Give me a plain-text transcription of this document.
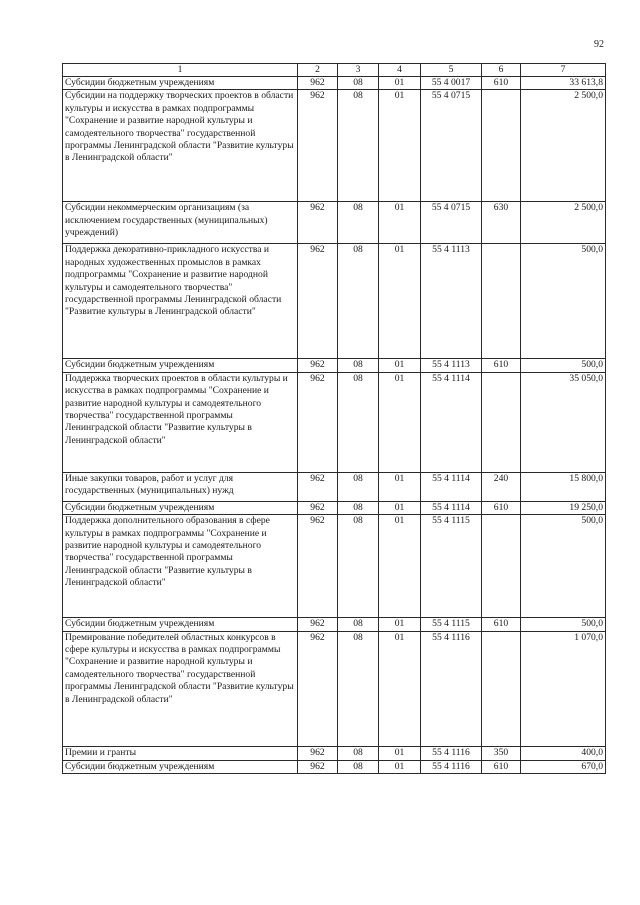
92
1	2	3	4	5	6	7
Субсидии бюджетным учреждениям	962	08	01	55 4 0017	610	33 613,8
Субсидии на поддержку творческих проектов в области культуры и искусства в рамках подпрограммы "Сохранение и развитие народной культуры и самодеятельного творчества" государственной программы Ленинградской области "Развитие культуры в Ленинградской области"	962	08	01	55 4 0715		2 500,0
Субсидии некоммерческим организациям (за исключением государственных (муниципальных) учреждений)	962	08	01	55 4 0715	630	2 500,0
Поддержка декоративно-прикладного искусства и народных художественных промыслов в рамках подпрограммы "Сохранение и развитие народной культуры и самодеятельного творчества" государственной программы Ленинградской области "Развитие культуры в Ленинградской области"	962	08	01	55 4 1113		500,0
Субсидии бюджетным учреждениям	962	08	01	55 4 1113	610	500,0
Поддержка творческих проектов в области культуры и искусства в рамках подпрограммы "Сохранение и развитие народной культуры и самодеятельного творчества" государственной программы Ленинградской области "Развитие культуры в Ленинградской области"	962	08	01	55 4 1114		35 050,0
Иные закупки товаров, работ и услуг для государственных (муниципальных) нужд	962	08	01	55 4 1114	240	15 800,0
Субсидии бюджетным учреждениям	962	08	01	55 4 1114	610	19 250,0
Поддержка дополнительного образования в сфере культуры в рамках подпрограммы "Сохранение и развитие народной культуры и самодеятельного творчества" государственной программы Ленинградской области "Развитие культуры в Ленинградской области"	962	08	01	55 4 1115		500,0
Субсидии бюджетным учреждениям	962	08	01	55 4 1115	610	500,0
Премирование победителей областных конкурсов в сфере культуры и искусства в рамках подпрограммы "Сохранение и развитие народной культуры и самодеятельного творчества" государственной программы Ленинградской области "Развитие культуры в Ленинградской области"	962	08	01	55 4 1116		1 070,0
Премии и гранты	962	08	01	55 4 1116	350	400,0
Субсидии бюджетным учреждениям	962	08	01	55 4 1116	610	670,0
